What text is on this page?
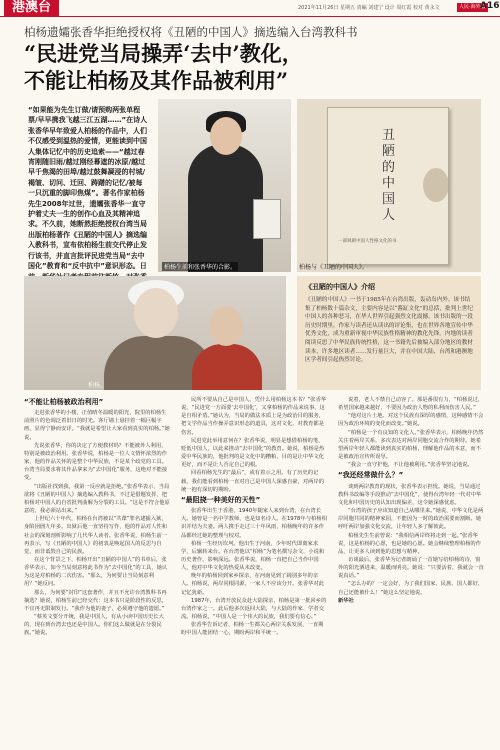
港澳台	2021年11月26日 星期五 責編 刘建宁 设计 周红霞 校对 黄永文	人民·海外版
A16
柏杨遗孀张香华拒绝授权将《丑陋的中国人》摘选编入台湾教科书
“民进党当局操弄‘去中’教化，
不能让柏杨及其作品被利用”
“如果能为先生订做/请预购两张单程票/早早携我飞越三江五湖……”在诗人张香华早年致爱人柏杨的作品中，人们不仅感受到温热的爱情，更能读到中国人集体记忆中的历史追索——“越过春宵刚随旧雨/越过刚经幕遮的冰原/越过早千焦渴的田埠/越过鼓舞凝浸的村城/褐皱、切问、迁回、踌躇的记忆/被每一只沉重的脚印焦煤”。著名作家柏杨先生2008年过世，遗孀张香华一直守护着丈夫一生的创作心血及其精神追求。不久前，她断然拒绝授权台湾当局出版柏杨著作《丑陋的中国人》摘选编入教科书，宣布依柏杨生前交代停止发行该书，并直言批评民进党当局“去中国化”教育和“反中抗中”意识形态。日	柏杨生前和张香华的合影。
丑陋的中国人
一部讽刺中国人性格文化的书
柏杨与《丑陋的中国人》。
柏杨。
《丑陋的中国人》介绍
《丑陋的中国人》一书于1985年在台湾出版，轰动岛内外。该书结集了柏杨数十篇杂文，主要内容是以“酱缸文化”的总括，批判上世纪中国人的各种恶习，在华人世界引起强烈文化震撼。该书出版的一段历史时期里，作家与读者还从读出的评论集，也在世界各地宣传中华优秀文化，成为重新审视中华民族性格精神的教化先锋。内地的读者阅读反思了中华民族传统性格，这一书籍先后被编入部分地区的教材读本，许多地区读者……发行量巨大，并在中国大陆、台湾和港澳地区学者间引起热烈讨论。
“不能让柏杨被政治利用”

走进张香华的小楼，正值晴冬温暖的阳光，院里的柏杨生前照片的色调泛着旧日的时光。客厅墙上悬挂着一幅巨幅字画，显得宁静而安详。“我就是希望让大家看到真实的柏杨。”她说。

先说张香华，你的决定了方便教材吗？不能被外人利用，特别是被政治利用。张香华说，柏杨是一位人文情怀浓烈的作家，他的作品关怀的是整个中华民族，不是某个政党的工具。台湾当局要求将其作品拿来为“去中国化”服务，这绝对不能接受。

“出版社找到我，我第一反应就是拒绝。”张香华表示，当局欲将《丑陋的中国人》摘选编入教科书，不过是借题发挥，把柏杨对中国人的自省批判曲解为分裂的工具。“这是不符合他原意的，我必须站出来。”

上世纪六十年代，柏杨在台湾被以“共谍”罪名逮捕入狱，身陷囹圄九年多。出狱后他一直坚持写作，他的作品对人性和社会的深刻剖析影响了几代华人读者。张香华说，柏杨生前一再表示，写《丑陋的中国人》的初衷是唤起国人的反思与自觉，而非诋毁自己的民族。

在这个背景之下，柏杨开出“丑陋的中国人”的书单后，张香华表示，如今当局刻意将此书作为“去中国化”的工具，她认为这是对柏杨的二次伤害。“那么，为何要让当局刻意利用？”她反问。

那么，为何要“封印”这套著作，并且不允许台湾教科书再摘选？她说，柏杨生前已经交代：这本书只是阶段性的反思，不宜再无限制发行。“我作为他的妻子，必须遵守他的遗愿。”

“蔡英文要分开统，我是中国人，有从小读中国历史长大的，现在到台湾去也还是中国人。你们这么做就是在分裂民族。”她说。

民所不要从自己是中国人，凭什么用柏杨这本书？”张香华说，“民进党一方面要‘去中国化’，又拿柏杨的作品来说事，这是自相矛盾。”她认为，当局的做法本质上是为政治目的服务，把文学作品当作操弄意识形态的道具，这对文化、对教育都是伤害。

民进党此举用意何在？张香华说，明显是想借柏杨的笔，贬低中国人，以此来推动“去中国化”的教育。她说，柏杨是热爱中华民族的，他批判的是文化中的糟粕，目的是让中华文化更好，而不是让人否定自己的根。

回看柏杨先生的“最后”，或有着示之用。有了历史的记载，我们能看到柏杨一直对自己是中国人深感自豪，对两岸的统一抱有深切的期盼。

“最阻挠一种美好的天性”

张香华出生于香港，1940年随家人来到台湾，在台湾长大。她曾是一名中学教师，也是知名诗人。在1978年与柏杨相识并结为夫妻。两人携手走过三十年风雨，柏杨晚年的许多作品都经过她的整理与校对。

柏杨一生经历坎坷。他出生于河南，少年时代即离家求学，后辗转来台。在台湾他以“柏杨”为笔名撰写杂文、小说和历史著作，影响深远。张香华说，柏杨一直把自己当作中国人，他对中华文化的热爱从未改变。

晚年的柏杨回到家乡探亲，在河南见到了阔别多年的亲人。柏杨说，两岸同根同源，一家人不应该分开。张香华对此记忆犹新。

1987年，台湾开放民众赴大陆探亲，柏杨是第一批回乡的台湾作家之一。此后他多次返回大陆，与大陆的作家、学者交流。柏杨说，“中国人是一个伟大的民族，我们要有信心。”

张香华告诉记者，柏杨一生都关心两岸关系发展，一直期盼中国人能团结一心，期盼两岸和平统一。

说着，老人不禁自己动容了。那是番很有力，“柏杨说过，希望国家越来越好，不要因为政治人物的私利而伤害人民。”

“他对这片土地、对这个民族有深厚的感情，这种感情不会因为政治环境的变化而改变。”她说。

“柏杨是一个有良知的文化人。”张香华表示，柏杨晚年仍然关注着两岸关系，多次表达对两岸同胞交流合作的期待。她希望两岸年轻人都能读到真实的柏杨，理解他作品的本意，而不是被政治宣传所误导。

“我会一直守护他，不让他被利用。”张香华坚定地说。

“我还经常做什么？”

谈到两岸教育的现状，张香华表示担忧。她说，当局通过教科书改编等手段推动“去中国化”，使得台湾年轻一代对中华文化和中国历史的认知出现偏差，这令她深感忧虑。

“台湾的孩子应该知道自己从哪里来。”她说，中华文化是两岸同胞共同的精神家园，不能因为一时的政治需要而割断。她呼吁两岸加强文化交流，让年轻人多了解彼此。

柏杨先生生前曾说：“我相信两岸终将走到一起。”张香华说，这是柏杨的心愿，也是她的心愿。她会继续整理柏杨的作品，让更多人读到他的思想与精神。

访谈最后，张香华为记者朗诵了一首她写给柏杨的诗，窗外的阳光洒进来，温暖而明亮。她说：“只要活着，我就会一直说真话。”

“怎么办的？一定会好，为了我们国家、民族、国人都好，自己还能被什么！”她这么坚定地说。

新华社
